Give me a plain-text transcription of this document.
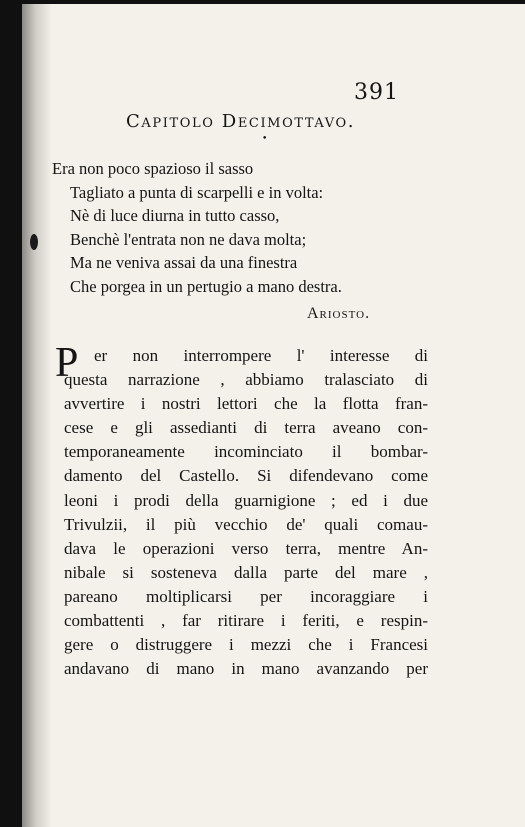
391
Capitolo Decimottavo.
•
Era non poco spazioso il sasso
Tagliato a punta di scarpelli e in volta:
Nè di luce diurna in tutto casso,
Benchè l'entrata non ne dava molta;
Ma ne veniva assai da una finestra
Che porgea in un pertugio a mano destra.
Ariosto.
P er non interrompere l' interesse di
questa narrazione , abbiamo tralasciato di
avvertire i nostri lettori che la flotta fran-
cese e gli assedianti di terra aveano con-
temporaneamente incominciato il bombar-
damento del Castello. Si difendevano come
leoni i prodi della guarnigione ; ed i due
Trivulzii, il più vecchio de' quali comau-
dava le operazioni verso terra, mentre An-
nibale si sosteneva dalla parte del mare ,
pareano moltiplicarsi per incoraggiare i
combattenti , far ritirare i feriti, e respin-
gere o distruggere i mezzi che i Francesi
andavano di mano in mano avanzando per
